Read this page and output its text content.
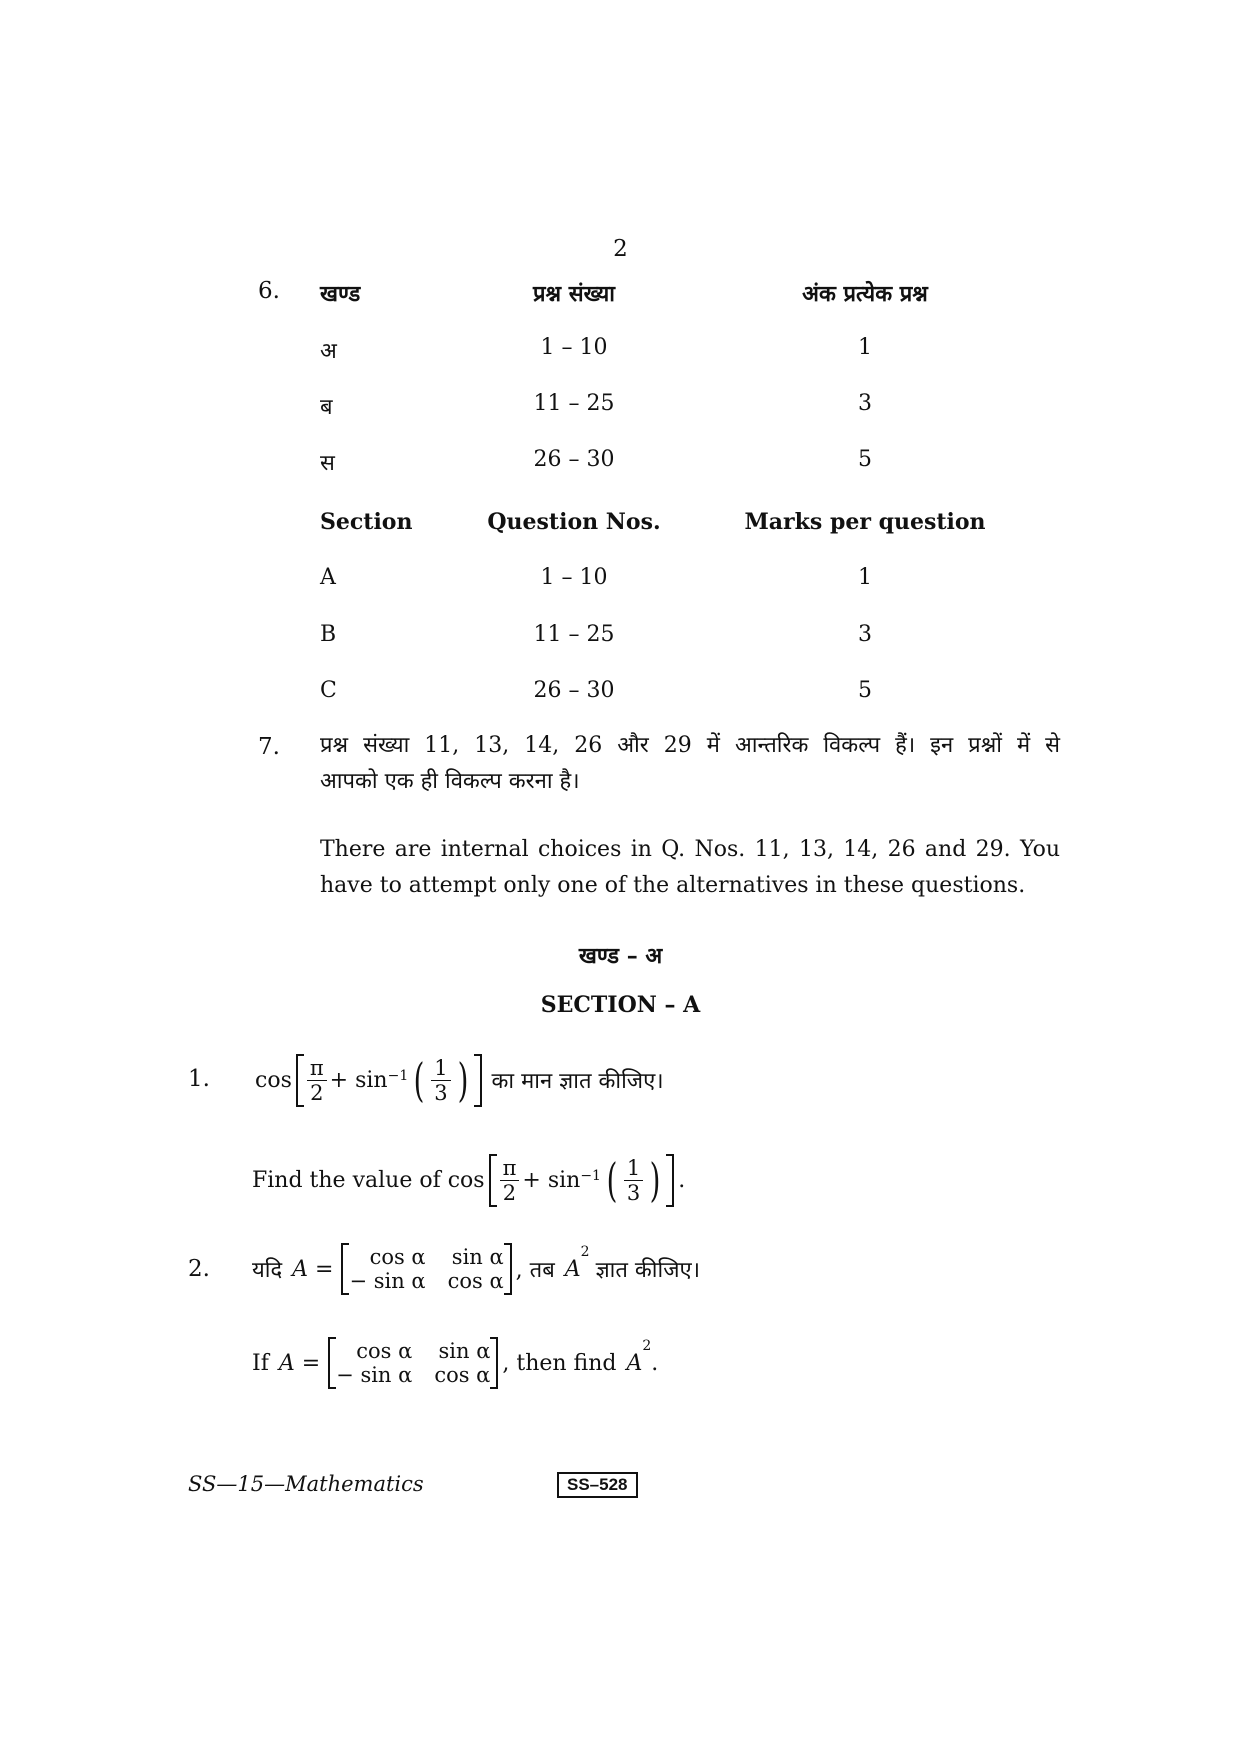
2
6. खण्ड	प्रश्न संख्या	अंक प्रत्येक प्रश्न
अ	1 – 10	1
ब	11 – 25	3
स	26 – 30	5
Section	Question Nos.	Marks per question
A	1 – 10	1
B	11 – 25	3
C	26 – 30	5
7. प्रश्न संख्या 11, 13, 14, 26 और 29 में आन्तरिक विकल्प हैं। इन प्रश्नों में से
आपको एक ही विकल्प करना है।
There are internal choices in Q. Nos. 11, 13, 14, 26 and 29. You have to attempt only one of the alternatives in these questions.
खण्ड – अ
SECTION – A
1. $\cos \frac{\pi}{2} + \sin -1$ ( $\frac{1}{3}$ ) का मान ज्ञात कीजिए।
Find the value of $\cos \frac{\pi}{2} + \sin -1$ ( $\frac{1}{3}$ ) .
2. यदि A =	cos α sin α
− sin α cos α , तब A
2
ज्ञात कीजिए।
If A =	cos α sin α
− sin α cos α , then find A
2
.
SS—15—Mathematics	SS–528
